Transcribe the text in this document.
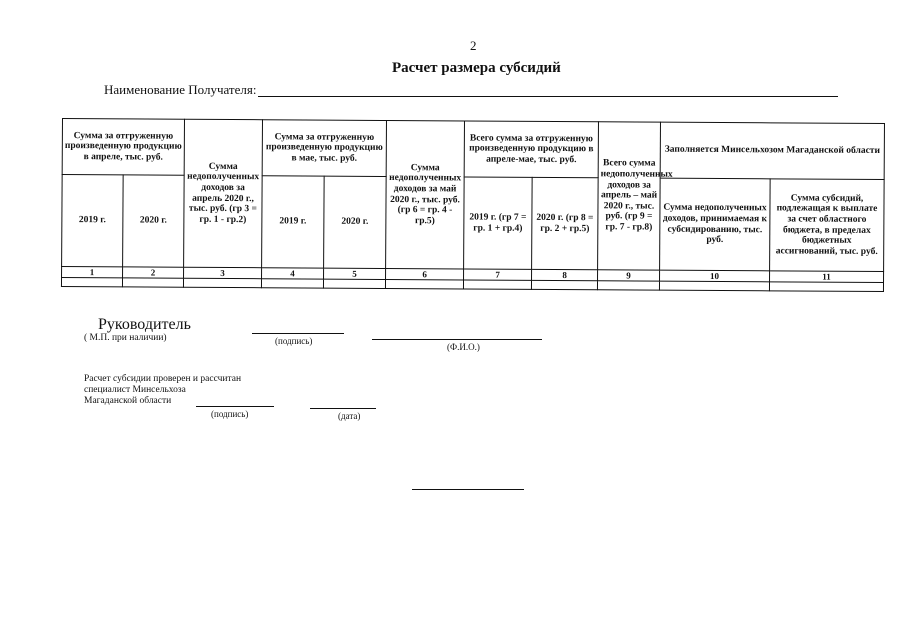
2
Расчет размера субсидий
Наименование Получателя:
Сумма за отгруженную произведенную продукцию в апреле, тыс. руб.		Сумма недополученных доходов за апрель 2020 г., тыс. руб. (гр 3 = гр. 1 - гр.2)	Сумма за отгруженную произведенную продукцию в мае, тыс. руб.		Сумма недополученных доходов за май 2020 г., тыс. руб. (гр 6 = гр. 4 - гр.5)	Всего сумма за отгруженную произведенную продукцию в апреле-мае, тыс. руб.		Всего сумма недополученных доходов за апрель – май 2020 г., тыс. руб. (гр 9 = гр. 7 - гр.8)	Заполняется Минсельхозом Магаданской области	
2019 г.	2020 г.		2019 г.	2020 г.		2019 г. (гр 7 = гр. 1 + гр.4)	2020 г. (гр 8 = гр. 2 + гр.5)		Сумма недополученных доходов, принимаемая к субсидированию, тыс. руб.	Сумма субсидий, подлежащая к выплате за счет областного бюджета, в пределах бюджетных ассигнований, тыс. руб.
1	2	3	4	5	6	7	8	9	10	11

Руководитель
( М.П. при наличии)	(подпись)
(Ф.И.О.)
Расчет субсидии проверен и рассчитан
специалист Минсельхоза
Магаданской области
(подпись)	(дата)
